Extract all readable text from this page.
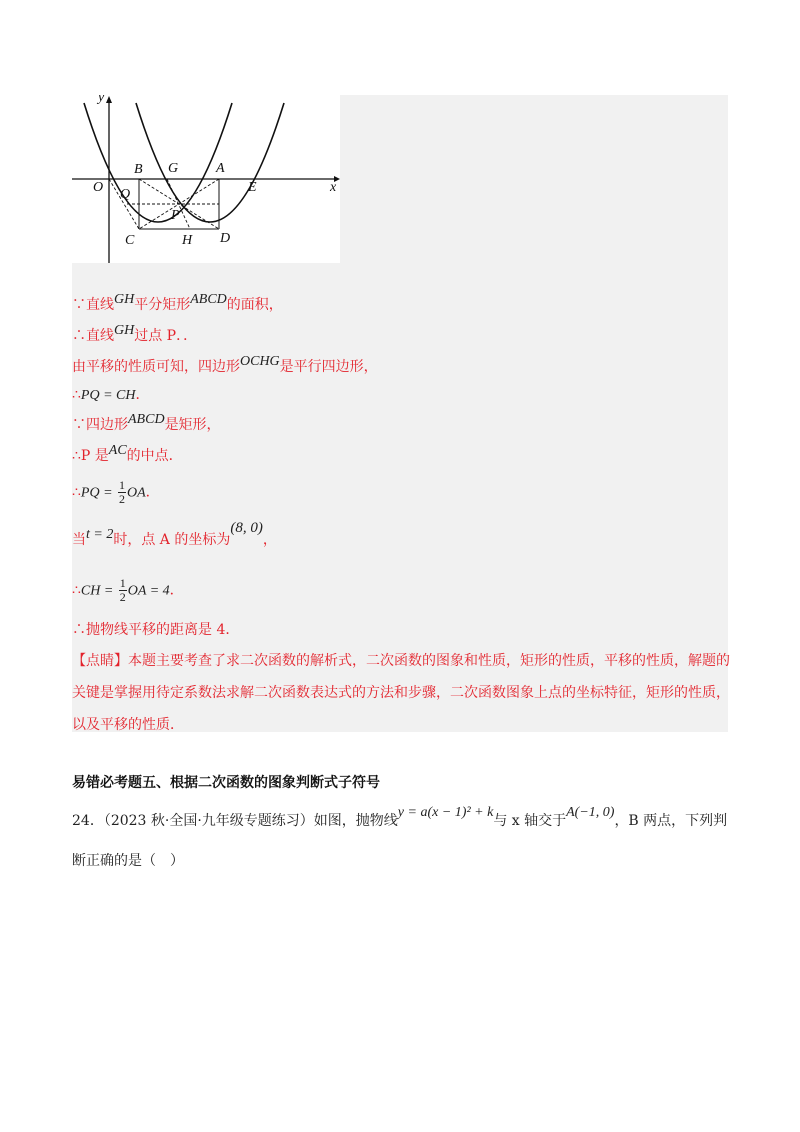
y
x
O
B G	A
E
Q
P
C	H D
∵直线GH平分矩形ABCD的面积，
∴直线GH过点 P．．
由平移的性质可知，四边形OCHG是平行四边形，
∴PQ = CH．
∵四边形ABCD是矩形，
∴P 是AC的中点．
∴PQ = $\frac{1}{2}$ OA．
当t = 2时，点 A 的坐标为(8, 0)，
∴CH = $\frac{1}{2}$ OA = 4．
∴抛物线平移的距离是 4．
【点睛】本题主要考查了求二次函数的解析式，二次函数的图象和性质，矩形的性质，平移的性质，解题的关键是掌握用待定系数法求解二次函数表达式的方法和步骤，二次函数图象上点的坐标特征，矩形的性质，以及平移的性质．
易错必考题五、根据二次函数的图象判断式子符号
24．（2023 秋·全国·九年级专题练习）如图，抛物线y = a(x − 1)² + k与 x 轴交于A(−1, 0)，B 两点，下列判
断正确的是（　）
